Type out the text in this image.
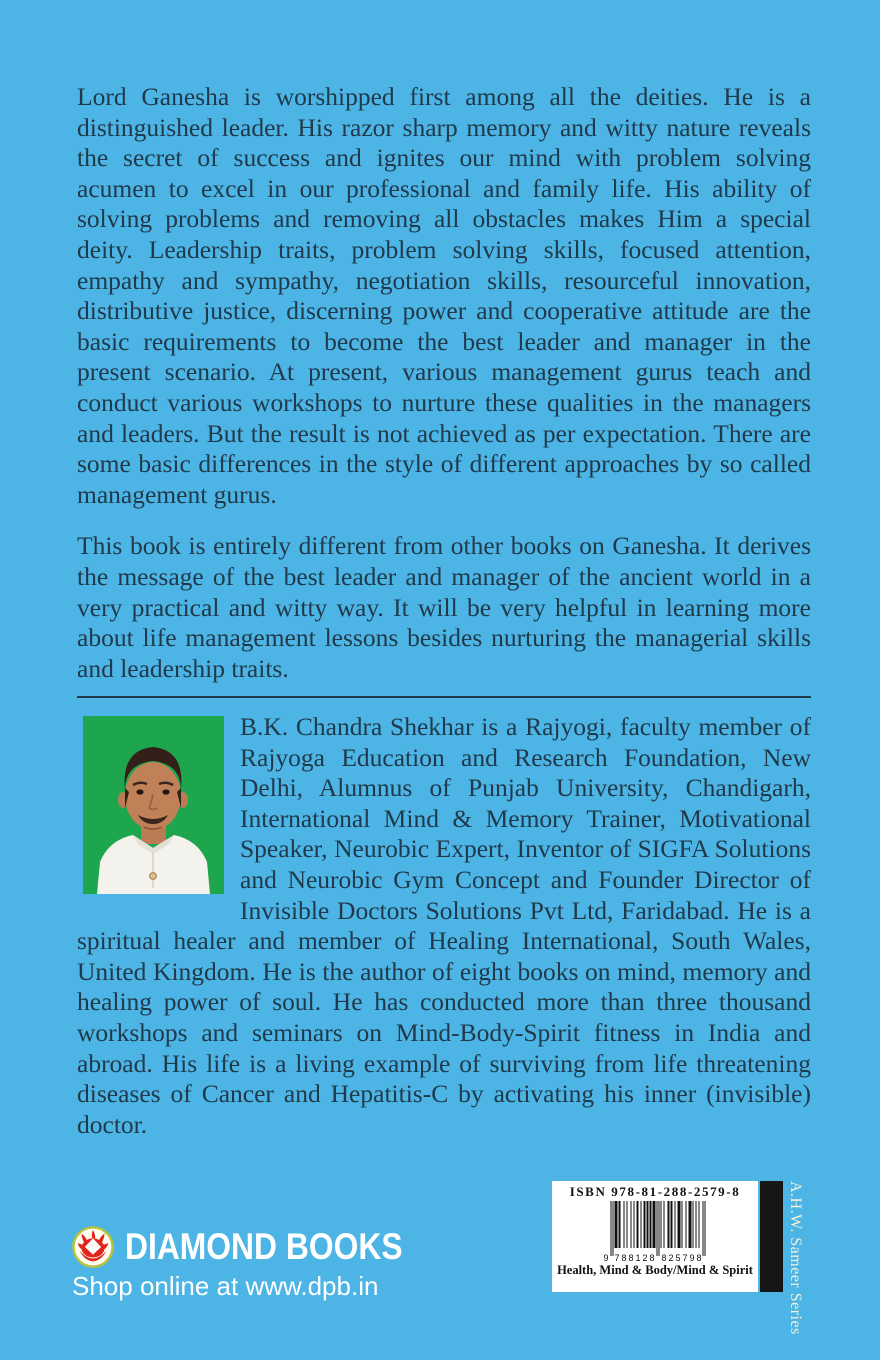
Lord Ganesha is worshipped first among all the deities. He is a distinguished leader. His razor sharp memory and witty nature reveals the secret of success and ignites our mind with problem solving acumen to excel in our professional and family life. His ability of solving problems and removing all obstacles makes Him a special deity. Leadership traits, problem solving skills, focused attention, empathy and sympathy, negotiation skills, resourceful innovation, distributive justice, discerning power and cooperative attitude are the basic requirements to become the best leader and manager in the present scenario. At present, various management gurus teach and conduct various workshops to nurture these qualities in the managers and leaders. But the result is not achieved as per expectation. There are some basic differences in the style of different approaches by so called management gurus.

This book is entirely different from other books on Ganesha. It derives the message of the best leader and manager of the ancient world in a very practical and witty way. It will be very helpful in learning more about life management lessons besides nurturing the managerial skills and leadership traits.

B.K. Chandra Shekhar is a Rajyogi, faculty member of Rajyoga Education and Research Foundation, New Delhi, Alumnus of Punjab University, Chandigarh, International Mind & Memory Trainer, Motivational Speaker, Neurobic Expert, Inventor of SIGFA Solutions and Neurobic Gym Concept and Founder Director of Invisible Doctors Solutions Pvt Ltd, Faridabad. He is a spiritual healer and member of Healing International, South Wales, United Kingdom. He is the author of eight books on mind, memory and healing power of soul. He has conducted more than three thousand workshops and seminars on Mind-Body-Spirit fitness in India and abroad. His life is a living example of surviving from life threatening diseases of Cancer and Hepatitis-C by activating his inner (invisible) doctor.

DIAMOND BOOKS
Shop online at www.dpb.in
ISBN 978-81-288-2579-8
9 7 8 8 1 2 8 8 2 5 7 9 8
Health, Mind & Body/Mind & Spirit A.H.W. Sameer Series
